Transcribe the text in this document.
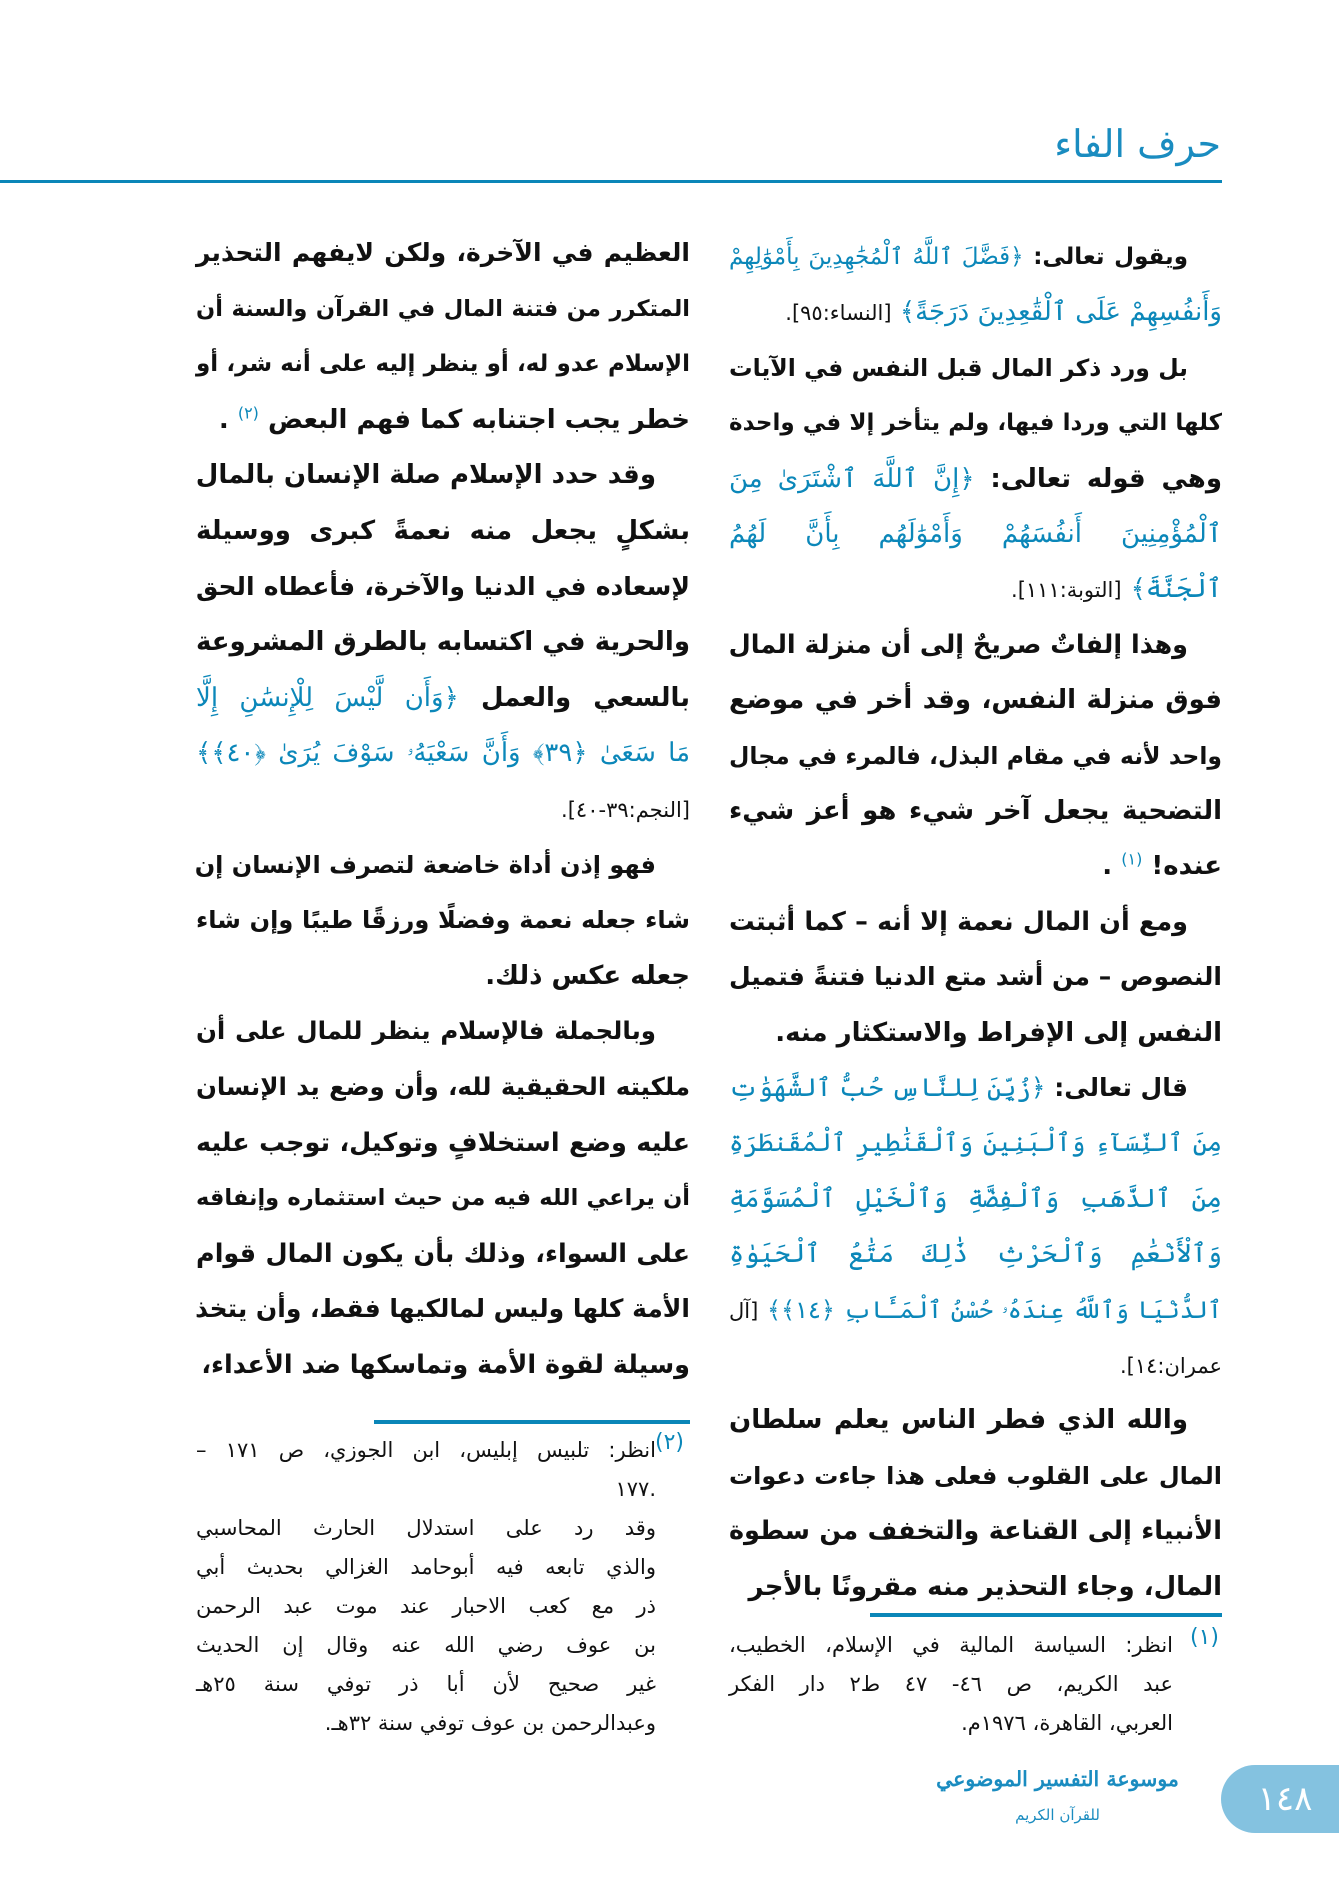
حرف الفاء
ويقول تعالى: ﴿فَضَّلَ ٱللَّهُ ٱلْمُجَٰهِدِينَ بِأَمْوَٰلِهِمْ
وَأَنفُسِهِمْ عَلَى ٱلْقَٰعِدِينَ دَرَجَةً﴾ [النساء:٩٥].
بل ورد ذكر المال قبل النفس في الآيات
كلها التي وردا فيها، ولم يتأخر إلا في واحدة
وهي قوله تعالى: ﴿إِنَّ ٱللَّهَ ٱشْتَرَىٰ مِنَ
ٱلْمُؤْمِنِينَ أَنفُسَهُمْ وَأَمْوَٰلَهُم بِأَنَّ لَهُمُ
ٱلْجَنَّةَ﴾ [التوبة:١١١].
وهذا إلفاتٌ صريحٌ إلى أن منزلة المال
فوق منزلة النفس، وقد أخر في موضع
واحد لأنه في مقام البذل، فالمرء في مجال
التضحية يجعل آخر شيء هو أعز شيء
عنده! $^{(١)}$ .
ومع أن المال نعمة إلا أنه – كما أثبتت
النصوص – من أشد متع الدنيا فتنةً فتميل
النفس إلى الإفراط والاستكثار منه.
قال تعالى: ﴿زُيِّنَ لِلنَّاسِ حُبُّ ٱلشَّهَوَٰتِ
مِنَ ٱلنِّسَآءِ وَٱلْبَنِينَ وَٱلْقَنَٰطِيرِ ٱلْمُقَنطَرَةِ
مِنَ ٱلذَّهَبِ وَٱلْفِضَّةِ وَٱلْخَيْلِ ٱلْمُسَوَّمَةِ
وَٱلْأَنْعَٰمِ وَٱلْحَرْثِ ذَٰلِكَ مَتَٰعُ ٱلْحَيَوٰةِ
ٱلدُّنْيَا وَٱللَّهُ عِندَهُۥ حُسْنُ ٱلْمَـَٔابِ ﴿١٤﴾﴾ [آل
عمران:١٤].
والله الذي فطر الناس يعلم سلطان
المال على القلوب فعلى هذا جاءت دعوات
الأنبياء إلى القناعة والتخفف من سطوة
المال، وجاء التحذير منه مقرونًا بالأجر
العظيم في الآخرة، ولكن لايفهم التحذير
المتكرر من فتنة المال في القرآن والسنة أن
الإسلام عدو له، أو ينظر إليه على أنه شر، أو
خطر يجب اجتنابه كما فهم البعض $^{(٢)}$ .
وقد حدد الإسلام صلة الإنسان بالمال
بشكلٍ يجعل منه نعمةً كبرى ووسيلة
لإسعاده في الدنيا والآخرة، فأعطاه الحق
والحرية في اكتسابه بالطرق المشروعة
بالسعي والعمل ﴿وَأَن لَّيْسَ لِلْإِنسَٰنِ إِلَّا
مَا سَعَىٰ ﴿٣٩﴾ وَأَنَّ سَعْيَهُۥ سَوْفَ يُرَىٰ ﴿٤٠﴾﴾
[النجم:٣٩-٤٠].
فهو إذن أداة خاضعة لتصرف الإنسان إن
شاء جعله نعمة وفضلًا ورزقًا طيبًا وإن شاء
جعله عكس ذلك.
وبالجملة فالإسلام ينظر للمال على أن
ملكيته الحقيقية لله، وأن وضع يد الإنسان
عليه وضع استخلافٍ وتوكيل، توجب عليه
أن يراعي الله فيه من حيث استثماره وإنفاقه
على السواء، وذلك بأن يكون المال قوام
الأمة كلها وليس لمالكيها فقط، وأن يتخذ
وسيلة لقوة الأمة وتماسكها ضد الأعداء،
(١)
انظر: السياسة المالية في الإسلام، الخطيب،
عبد الكريم، ص ٤٦- ٤٧ ط٢ دار الفكر
العربي، القاهرة، ١٩٧٦م.
(٢)
انظر: تلبيس إبليس، ابن الجوزي، ص ١٧١ –
.١٧٧
وقد رد على استدلال الحارث المحاسبي
والذي تابعه فيه أبوحامد الغزالي بحديث أبي
ذر مع كعب الاحبار عند موت عبد الرحمن
بن عوف رضي الله عنه وقال إن الحديث
غير صحيح لأن أبا ذر توفي سنة ٢٥هـ
وعبدالرحمن بن عوف توفي سنة ٣٢هـ.
موسوعة التفسير الموضوعي
للقرآن الكريم	١٤٨
